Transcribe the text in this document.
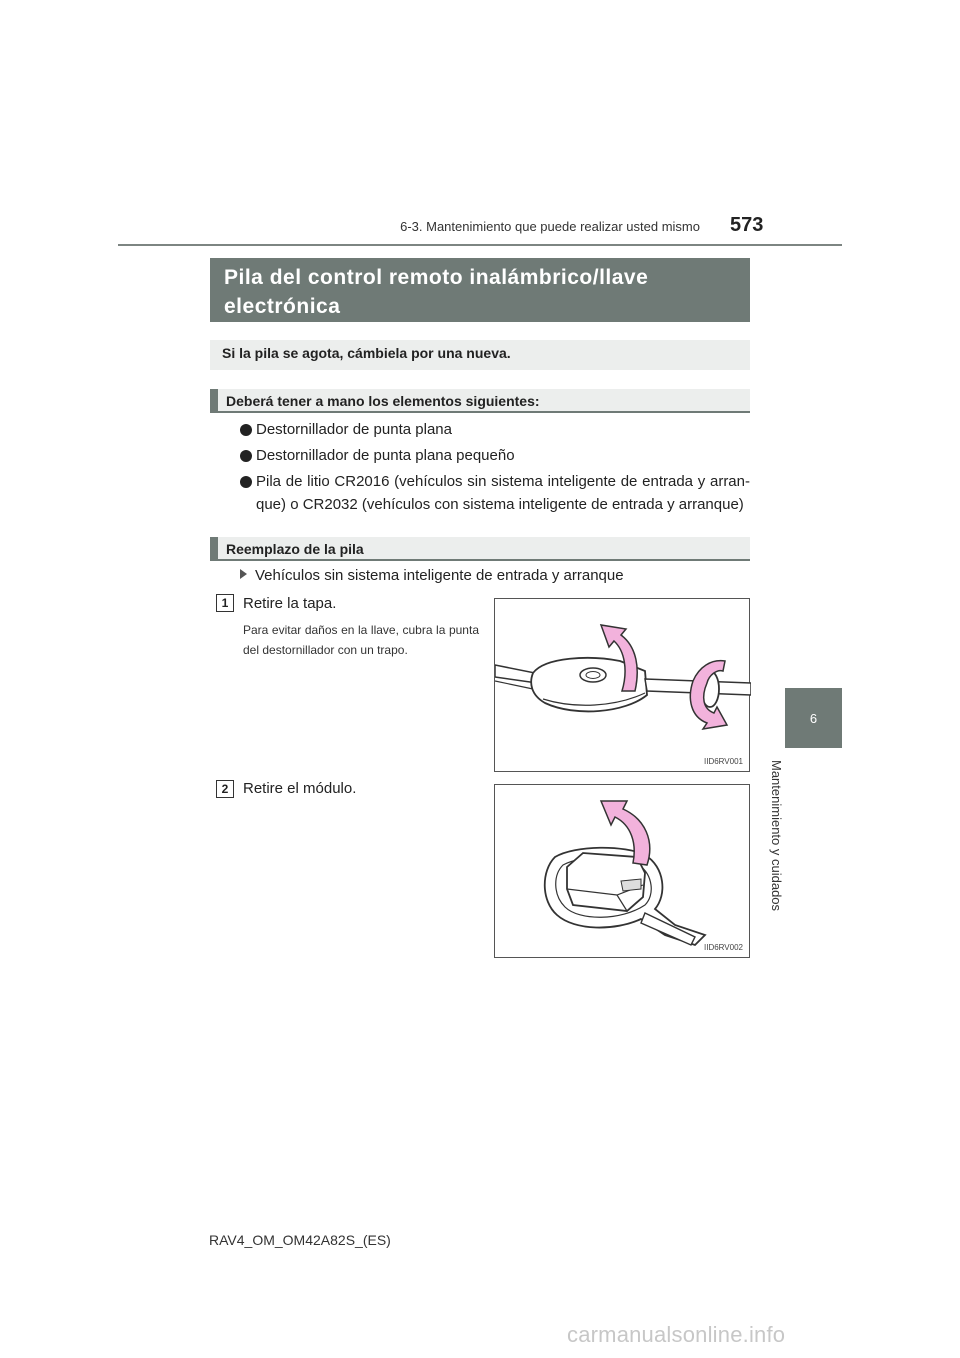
6-3. Mantenimiento que puede realizar usted mismo 573
6
Mantenimiento y cuidados
Pila del control remoto inalámbrico/llave
electrónica
Si la pila se agota, cámbiela por una nueva.
Deberá tener a mano los elementos siguientes:
Destornillador de punta plana
Destornillador de punta plana pequeño
Pila de litio CR2016 (vehículos sin sistema inteligente de entrada y arran-que) o CR2032 (vehículos con sistema inteligente de entrada y arranque)
Reemplazo de la pila
Vehículos sin sistema inteligente de entrada y arranque
1 Retire la tapa.
Para evitar daños en la llave, cubra la punta del destornillador con un trapo.
IID6RV001
2 Retire el módulo.
IID6RV002
RAV4_OM_OM42A82S_(ES)
carmanualsonline.info
